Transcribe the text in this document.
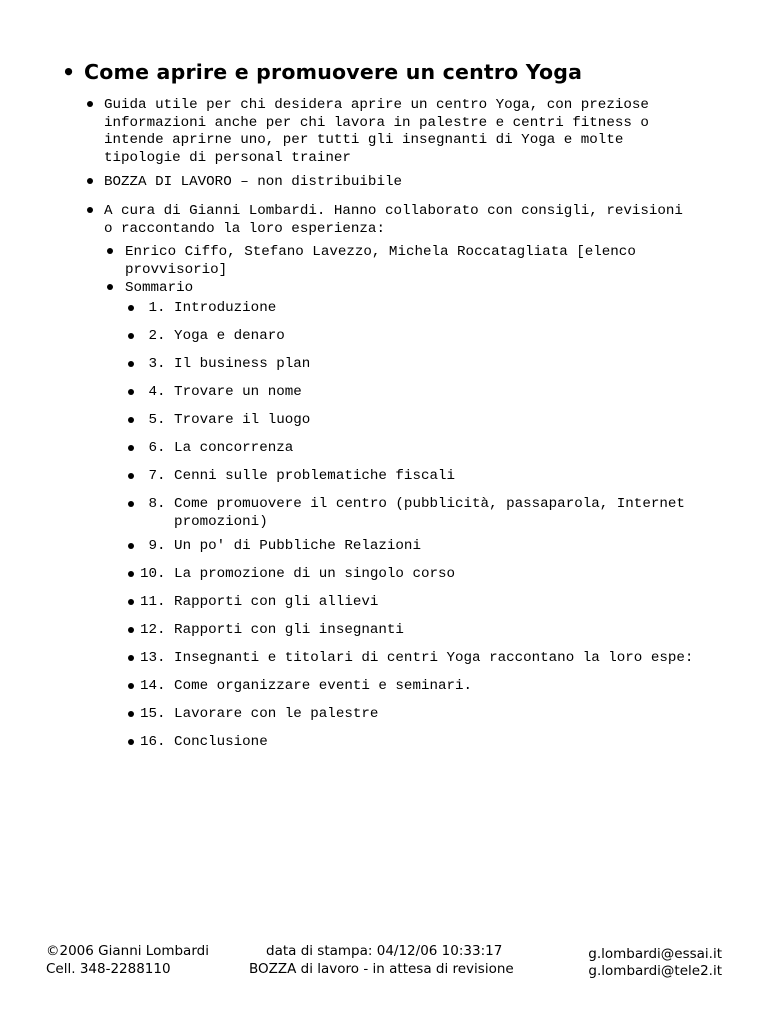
• Come aprire e promuovere un centro Yoga
Guida utile per chi desidera aprire un centro Yoga, con preziose
informazioni anche per chi lavora in palestre e centri fitness o
intende aprirne uno, per tutti gli insegnanti di Yoga e molte
tipologie di personal trainer
BOZZA DI LAVORO – non distribuibile
A cura di Gianni Lombardi. Hanno collaborato con consigli, revisioni
o raccontando la loro esperienza:
Enrico Ciffo, Stefano Lavezzo, Michela Roccatagliata [elenco
provvisorio]
Sommario
1. Introduzione
2. Yoga e denaro
3. Il business plan
4. Trovare un nome
5. Trovare il luogo
6. La concorrenza
7. Cenni sulle problematiche fiscali
8. Come promuovere il centro (pubblicità, passaparola, Internet
promozioni)
9. Un po' di Pubbliche Relazioni
10. La promozione di un singolo corso
11. Rapporti con gli allievi
12. Rapporti con gli insegnanti
13. Insegnanti e titolari di centri Yoga raccontano la loro espe:
14. Come organizzare eventi e seminari.
15. Lavorare con le palestre
16. Conclusione
©2006 Gianni Lombardi
Cell. 348-2288110
data di stampa: 04/12/06 10:33:17
BOZZA di lavoro - in attesa di revisione
g.lombardi@essai.it
g.lombardi@tele2.it
